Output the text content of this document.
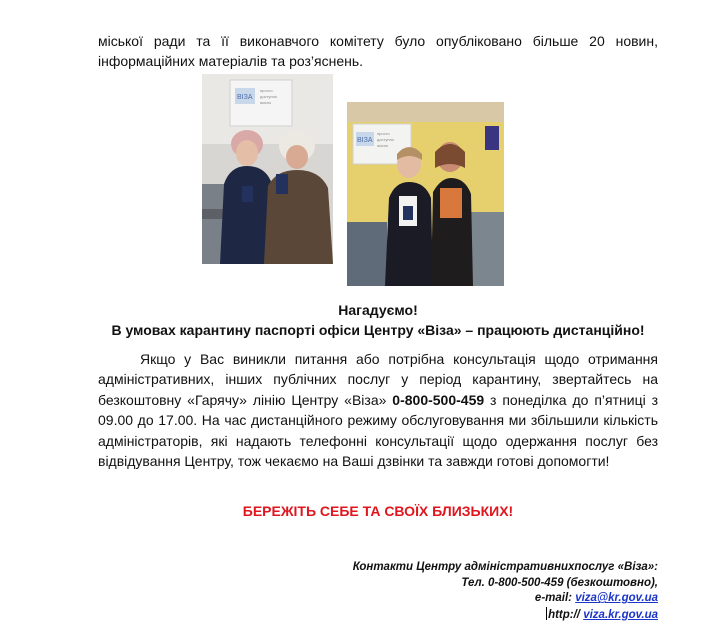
міської ради та її виконавчого комітету було опубліковано більше 20 новин,
інформаційних матеріалів та роз’яснень.
ВІЗА
просто
доступно
якісно
ВІЗА
просто
доступно
якісно
Нагадуємо!
В умовах карантину паспорті офіси Центру «Віза» – працюють дистанційно!
Якщо у Вас виникли питання або потрібна консультація щодо отримання адміністративних, інших публічних послуг у період карантину, звертайтесь на безкоштовну «Гарячу» лінію Центру «Віза» 0-800-500-459 з понеділка до п’ятниці з 09.00 до 17.00. На час дистанційного режиму обслуговування ми збільшили кількість адміністраторів, які надають телефонні консультації щодо одержання послуг без відвідування Центру, тож чекаємо на Ваші дзвінки та завжди готові допомогти!
БЕРЕЖІТЬ СЕБЕ ТА СВОЇХ БЛИЗЬКИХ!
Контакти Центру адміністративнихпослуг «Віза»:
Тел. 0-800-500-459 (безкоштовно),
e-mail: viza@kr.gov.ua
http:// viza.kr.gov.ua
